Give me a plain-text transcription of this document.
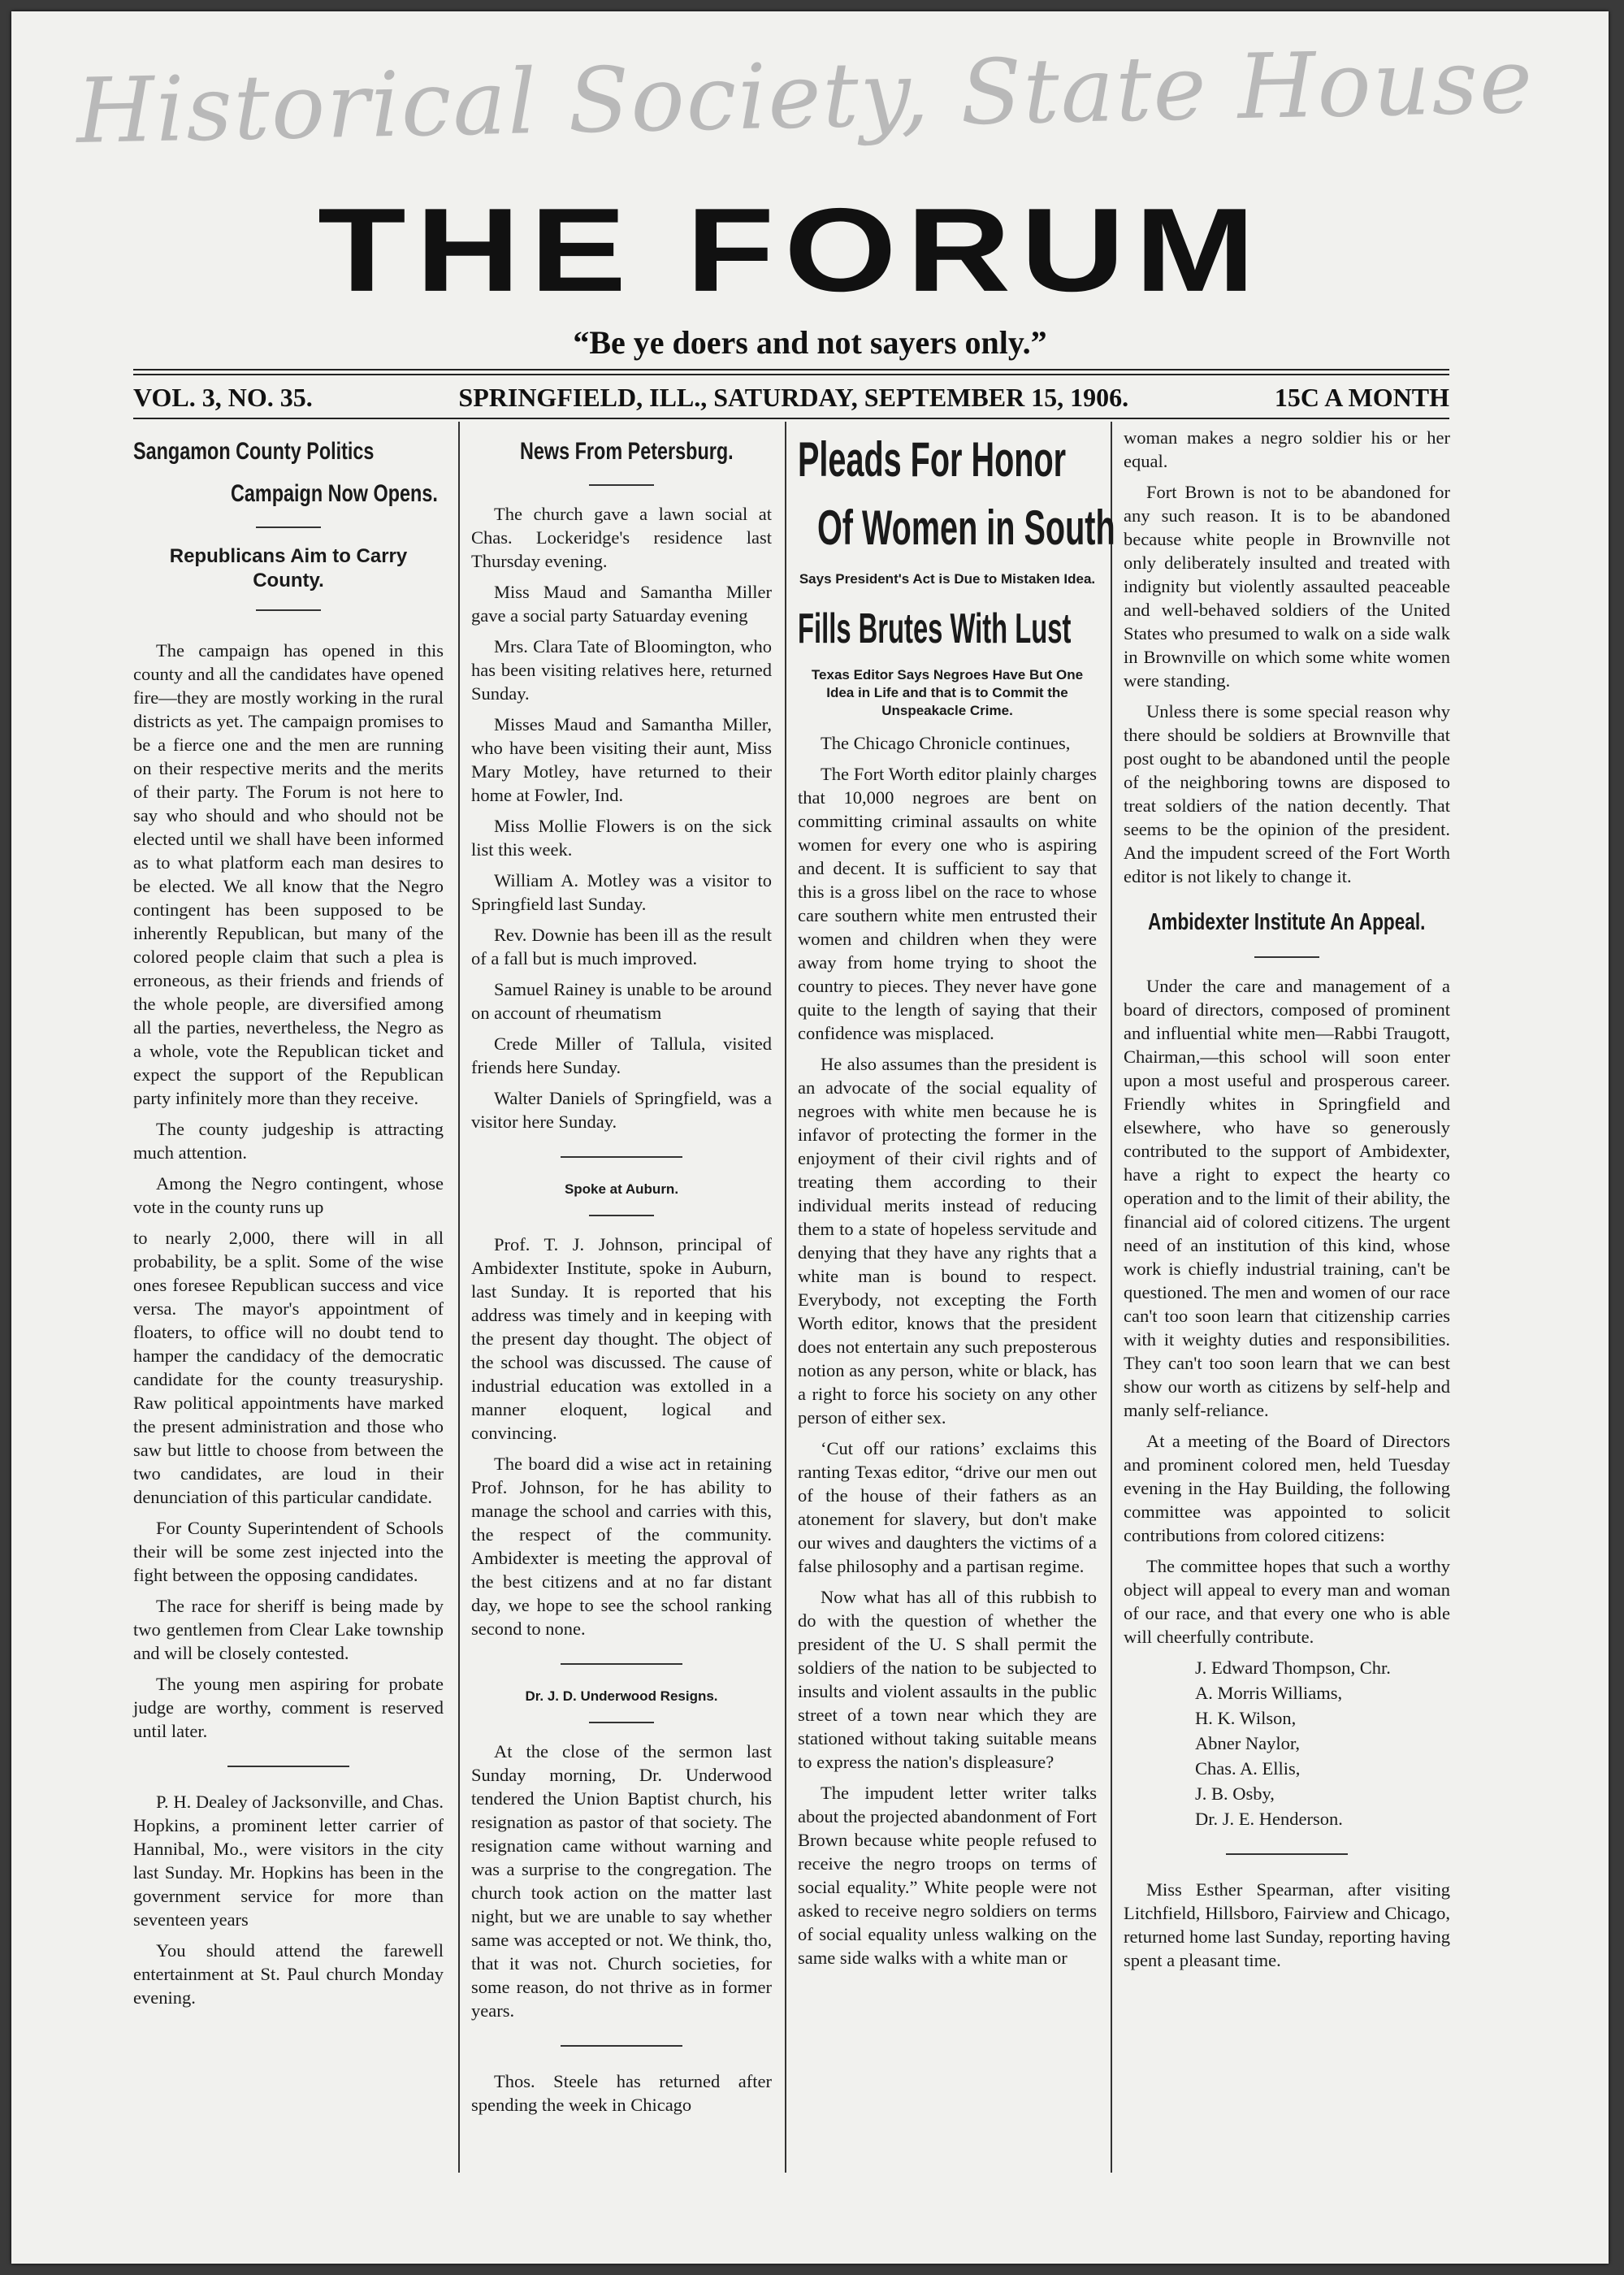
Historical Society, State House
THE FORUM
“Be ye doers and not sayers only.”
VOL. 3, NO. 35.	SPRINGFIELD, ILL., SATURDAY, SEPTEMBER 15, 1906.	15C A MONTH
Sangamon County Politics
Campaign Now Opens.
Republicans Aim to Carry County.

The campaign has opened in this county and all the candidates have opened fire—they are mostly working in the rural districts as yet. The campaign promises to be a fierce one and the men are running on their respective merits and the merits of their party. The Forum is not here to say who should and who should not be elected until we shall have been informed as to what platform each man desires to be elected. We all know that the Negro contingent has been supposed to be inherently Republican, but many of the colored people claim that such a plea is erroneous, as their friends and friends of the whole people, are diversified among all the parties, nevertheless, the Negro as a whole, vote the Republican ticket and expect the support of the Republican party infinitely more than they receive.

The county judgeship is attracting much attention.

Among the Negro contingent, whose vote in the county runs up

to nearly 2,000, there will in all probability, be a split. Some of the wise ones foresee Republican success and vice versa. The mayor's appointment of floaters, to office will no doubt tend to hamper the candidacy of the democratic candidate for the county treasuryship. Raw political appointments have marked the present administration and those who saw but little to choose from between the two candidates, are loud in their denunciation of this particular candidate.

For County Superintendent of Schools their will be some zest injected into the fight between the opposing candidates.

The race for sheriff is being made by two gentlemen from Clear Lake township and will be closely contested.

The young men aspiring for probate judge are worthy, comment is reserved until later.

P. H. Dealey of Jacksonville, and Chas. Hopkins, a prominent letter carrier of Hannibal, Mo., were visitors in the city last Sunday. Mr. Hopkins has been in the government service for more than seventeen years

You should attend the farewell entertainment at St. Paul church Monday evening.

News From Petersburg.

The church gave a lawn social at Chas. Lockeridge's residence last Thursday evening.

Miss Maud and Samantha Miller gave a social party Satuarday evening

Mrs. Clara Tate of Bloomington, who has been visiting relatives here, returned Sunday.

Misses Maud and Samantha Miller, who have been visiting their aunt, Miss Mary Motley, have returned to their home at Fowler, Ind.

Miss Mollie Flowers is on the sick list this week.

William A. Motley was a visitor to Springfield last Sunday.

Rev. Downie has been ill as the result of a fall but is much improved.

Samuel Rainey is unable to be around on account of rheumatism

Crede Miller of Tallula, visited friends here Sunday.

Walter Daniels of Springfield, was a visitor here Sunday.

Spoke at Auburn.

Prof. T. J. Johnson, principal of Ambidexter Institute, spoke in Auburn, last Sunday. It is reported that his address was timely and in keeping with the present day thought. The object of the school was discussed. The cause of industrial education was extolled in a manner eloquent, logical and convincing.

The board did a wise act in retaining Prof. Johnson, for he has ability to manage the school and carries with this, the respect of the community. Ambidexter is meeting the approval of the best citizens and at no far distant day, we hope to see the school ranking second to none.

Dr. J. D. Underwood Resigns.

At the close of the sermon last Sunday morning, Dr. Underwood tendered the Union Baptist church, his resignation as pastor of that society. The resignation came without warning and was a surprise to the congregation. The church took action on the matter last night, but we are unable to say whether same was accepted or not. We think, tho, that it was not. Church societies, for some reason, do not thrive as in former years.

Thos. Steele has returned after spending the week in Chicago

Pleads For Honor
Of Women in South
Says President's Act is Due to Mistaken Idea.
Fills Brutes With Lust
Texas Editor Says Negroes Have But One Idea in Life and that is to Commit the Unspeakacle Crime.

The Chicago Chronicle continues,

The Fort Worth editor plainly charges that 10,000 negroes are bent on committing criminal assaults on white women for every one who is aspiring and decent. It is sufficient to say that this is a gross libel on the race to whose care southern white men entrusted their women and children when they were away from home trying to shoot the country to pieces. They never have gone quite to the length of saying that their confidence was misplaced.

He also assumes than the president is an advocate of the social equality of negroes with white men because he is infavor of protecting the former in the enjoyment of their civil rights and of treating them according to their individual merits instead of reducing them to a state of hopeless servitude and denying that they have any rights that a white man is bound to respect. Everybody, not excepting the Forth Worth editor, knows that the president does not entertain any such preposterous notion as any person, white or black, has a right to force his society on any other person of either sex.

‘Cut off our rations’ exclaims this ranting Texas editor, “drive our men out of the house of their fathers as an atonement for slavery, but don't make our wives and daughters the victims of a false philosophy and a partisan regime.

Now what has all of this rubbish to do with the question of whether the president of the U. S shall permit the soldiers of the nation to be subjected to insults and violent assaults in the public street of a town near which they are stationed without taking suitable means to express the nation's displeasure?

The impudent letter writer talks about the projected abandonment of Fort Brown because white people refused to receive the negro troops on terms of social equality.” White people were not asked to receive negro soldiers on terms of social equality unless walking on the same side walks with a white man or

woman makes a negro soldier his or her equal.

Fort Brown is not to be abandoned for any such reason. It is to be abandoned because white people in Brownville not only deliberately insulted and treated with indignity but violently assaulted peaceable and well-behaved soldiers of the United States who presumed to walk on a side walk in Brownville on which some white women were standing.

Unless there is some special reason why there should be soldiers at Brownville that post ought to be abandoned until the people of the neighboring towns are disposed to treat soldiers of the nation decently. That seems to be the opinion of the president. And the impudent screed of the Fort Worth editor is not likely to change it.

Ambidexter Institute An Appeal.

Under the care and management of a board of directors, composed of prominent and influential white men—Rabbi Traugott, Chairman,—this school will soon enter upon a most useful and prosperous career. Friendly whites in Springfield and elsewhere, who have so generously contributed to the support of Ambidexter, have a right to expect the hearty co operation and to the limit of their ability, the financial aid of colored citizens. The urgent need of an institution of this kind, whose work is chiefly industrial training, can't be questioned. The men and women of our race can't too soon learn that citizenship carries with it weighty duties and responsibilities. They can't too soon learn that we can best show our worth as citizens by self-help and manly self-reliance.

At a meeting of the Board of Directors and prominent colored men, held Tuesday evening in the Hay Building, the following committee was appointed to solicit contributions from colored citizens:

The committee hopes that such a worthy object will appeal to every man and woman of our race, and that every one who is able will cheerfully contribute.

J. Edward Thompson, Chr.

A. Morris Williams,

H. K. Wilson,

Abner Naylor,

Chas. A. Ellis,

J. B. Osby,

Dr. J. E. Henderson.

Miss Esther Spearman, after visiting Litchfield, Hillsboro, Fairview and Chicago, returned home last Sunday, reporting having spent a pleasant time.
